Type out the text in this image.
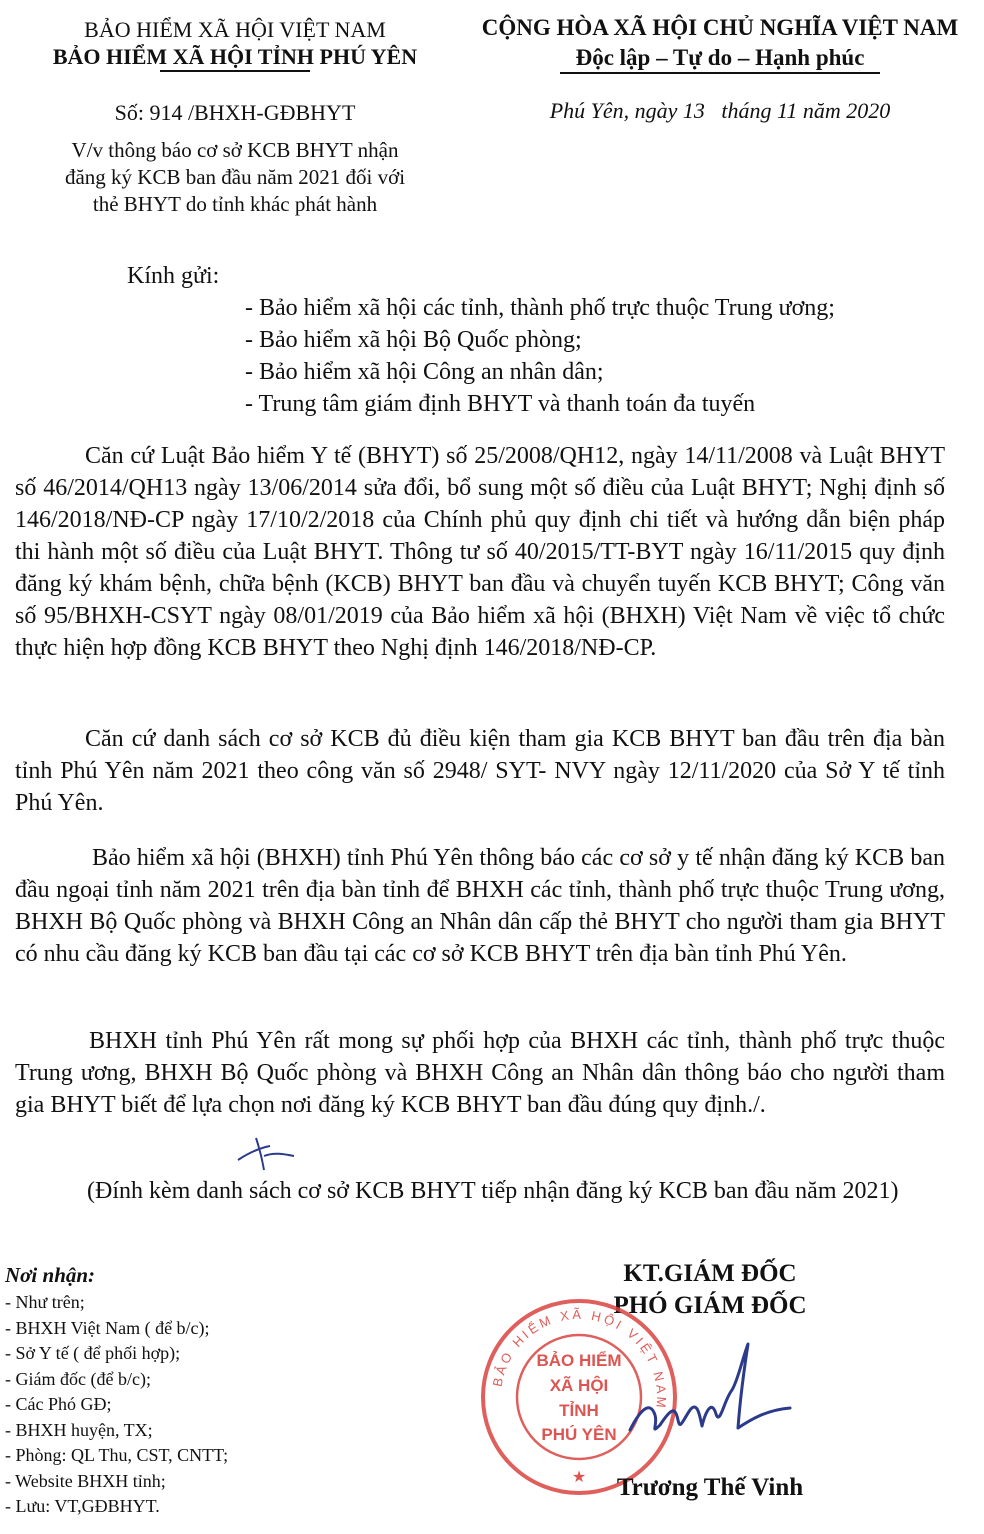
BẢO HIỂM XÃ HỘI VIỆT NAM
BẢO HIỂM XÃ HỘI TỈNH PHÚ YÊN
Số: 914 /BHXH-GĐBHYT
V/v thông báo cơ sở KCB BHYT nhận
đăng ký KCB ban đầu năm 2021 đối với
thẻ BHYT do tỉnh khác phát hành
CỘNG HÒA XÃ HỘI CHỦ NGHĨA VIỆT NAM
Độc lập – Tự do – Hạnh phúc
Phú Yên, ngày 13   tháng 11 năm 2020
Kính gửi:
- Bảo hiểm xã hội các tỉnh, thành phố trực thuộc Trung ương;
- Bảo hiểm xã hội Bộ Quốc phòng;
- Bảo hiểm xã hội Công an nhân dân;
- Trung tâm giám định BHYT và thanh toán đa tuyến

Căn cứ Luật Bảo hiểm Y tế (BHYT) số 25/2008/QH12, ngày 14/11/2008 và Luật BHYT số 46/2014/QH13 ngày 13/06/2014 sửa đổi, bổ sung một số điều của Luật BHYT; Nghị định số 146/2018/NĐ-CP ngày 17/10/2/2018 của Chính phủ quy định chi tiết và hướng dẫn biện pháp thi hành một số điều của Luật BHYT. Thông tư số 40/2015/TT-BYT ngày 16/11/2015 quy định đăng ký khám bệnh, chữa bệnh (KCB) BHYT ban đầu và chuyển tuyến KCB BHYT; Công văn số 95/BHXH-CSYT ngày 08/01/2019 của Bảo hiểm xã hội (BHXH) Việt Nam về việc tổ chức thực hiện hợp đồng KCB BHYT theo Nghị định 146/2018/NĐ-CP.

Căn cứ danh sách cơ sở KCB đủ điều kiện tham gia KCB BHYT ban đầu trên địa bàn tỉnh Phú Yên năm 2021 theo công văn số 2948/ SYT- NVY ngày 12/11/2020 của Sở Y tế tỉnh Phú Yên.

Bảo hiểm xã hội (BHXH) tỉnh Phú Yên thông báo các cơ sở y tế nhận đăng ký KCB ban đầu ngoại tỉnh năm 2021 trên địa bàn tỉnh để BHXH các tỉnh, thành phố trực thuộc Trung ương, BHXH Bộ Quốc phòng và BHXH Công an Nhân dân cấp thẻ BHYT cho người tham gia BHYT có nhu cầu đăng ký KCB ban đầu tại các cơ sở KCB BHYT trên địa bàn tỉnh Phú Yên.

BHXH tỉnh Phú Yên rất mong sự phối hợp của BHXH các tỉnh, thành phố trực thuộc Trung ương, BHXH Bộ Quốc phòng và BHXH Công an Nhân dân thông báo cho người tham gia BHYT biết để lựa chọn nơi đăng ký KCB BHYT ban đầu đúng quy định./.

(Đính kèm danh sách cơ sở KCB BHYT tiếp nhận đăng ký KCB ban đầu năm 2021)

Nơi nhận:
- Như trên;
- BHXH Việt Nam ( để b/c);
- Sở Y tế ( để phối hợp);
- Giám đốc (để b/c);
- Các Phó GĐ;
- BHXH huyện, TX;
- Phòng: QL Thu, CST, CNTT;
- Website BHXH tỉnh;
- Lưu: VT,GĐBHYT.
KT.GIÁM ĐỐC
PHÓ GIÁM ĐỐC
BẢO HIỂM XÃ HỘI VIỆT NAM
BẢO HIỂM
XÃ HỘI
TỈNH
PHÚ YÊN
★	Trương Thế Vinh
